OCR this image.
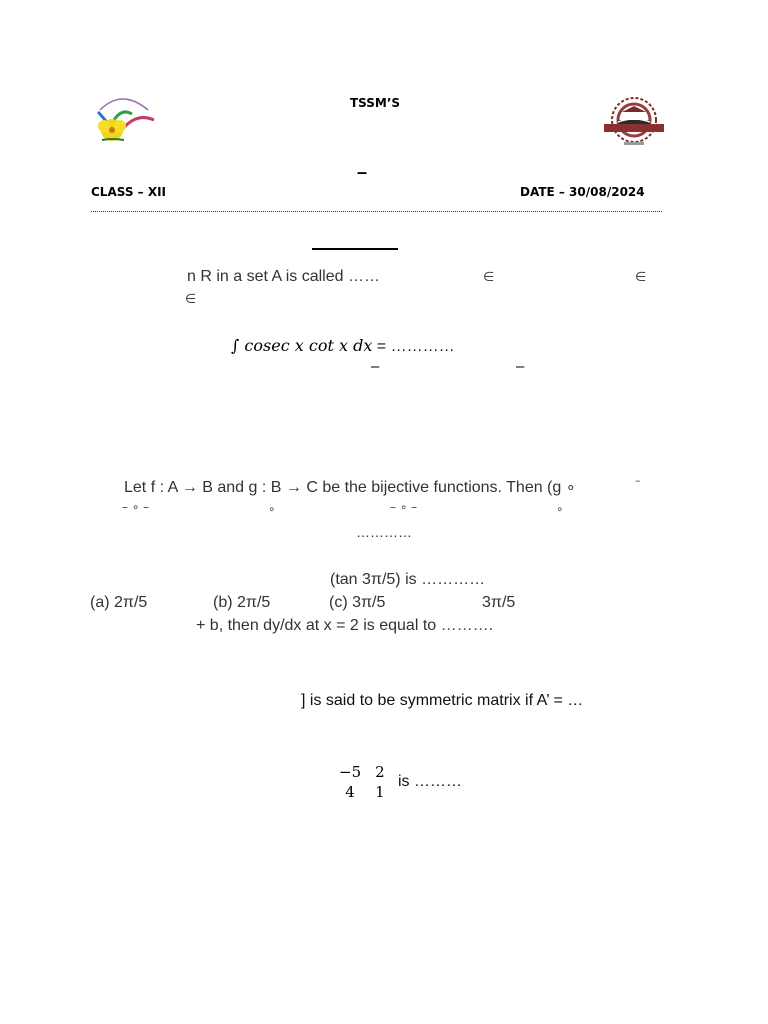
TSSM’S
–
CLASS – XII	DATE – 30/08/2024
n R in a set A is called ……	∈	∈
∈
∫ cosec x cot x dx = …………
–	–
Let f : A → B and g : B → C be the bijective functions. Then (g ∘	–
– ∘ –	∘	– ∘ –	∘
…………
(tan 3π/5) is …………
(a) 2π/5	(b) 2π/5	(c) 3π/5	3π/5
+ b, then dy/dx at x = 2 is equal to ……….
] is said to be symmetric matrix if A’ = …
−5	2
4	1
is ………
